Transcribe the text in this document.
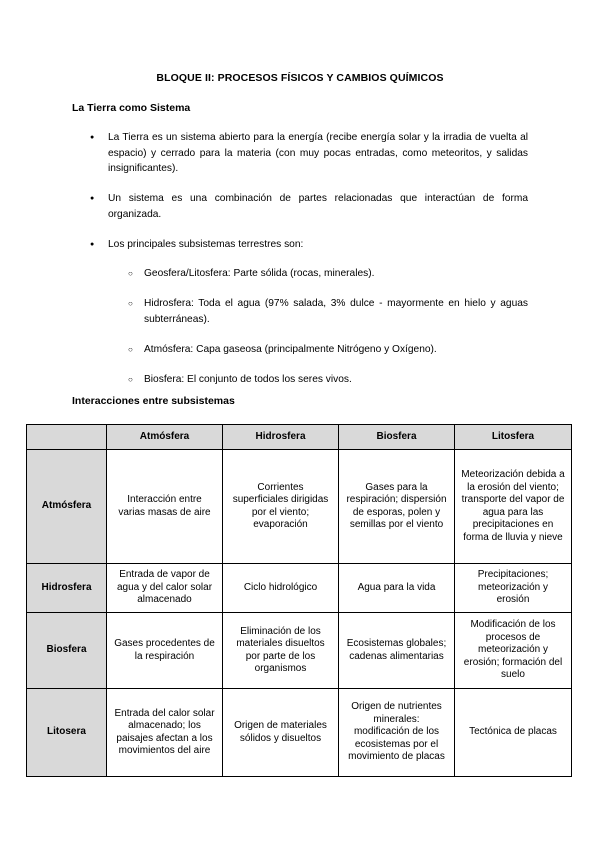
BLOQUE II: PROCESOS FÍSICOS Y CAMBIOS QUÍMICOS
La Tierra como Sistema
● La Tierra es un sistema abierto para la energía (recibe energía solar y la irradia de vuelta al espacio) y cerrado para la materia (con muy pocas entradas, como meteoritos, y salidas insignificantes).
● Un sistema es una combinación de partes relacionadas que interactúan de forma organizada.
● Los principales subsistemas terrestres son:
○ Geosfera/Litosfera: Parte sólida (rocas, minerales).
○ Hidrosfera: Toda el agua (97% salada, 3% dulce - mayormente en hielo y aguas subterráneas).
○ Atmósfera: Capa gaseosa (principalmente Nitrógeno y Oxígeno).
○ Biosfera: El conjunto de todos los seres vivos.
Interacciones entre subsistemas
	Atmósfera	Hidrosfera	Biosfera	Litosfera
Atmósfera	Interacción entre varias masas de aire	Corrientes superficiales dirigidas por el viento; evaporación	Gases para la respiración; dispersión de esporas, polen y semillas por el viento	Meteorización debida a la erosión del viento; transporte del vapor de agua para las precipitaciones en forma de lluvia y nieve
Hidrosfera	Entrada de vapor de agua y del calor solar almacenado	Ciclo hidrológico	Agua para la vida	Precipitaciones; meteorización y erosión
Biosfera	Gases procedentes de la respiración	Eliminación de los materiales disueltos por parte de los organismos	Ecosistemas globales; cadenas alimentarias	Modificación de los procesos de meteorización y erosión; formación del suelo
Litosera	Entrada del calor solar almacenado; los paisajes afectan a los movimientos del aire	Origen de materiales sólidos y disueltos	Origen de nutrientes minerales: modificación de los ecosistemas por el movimiento de placas	Tectónica de placas
